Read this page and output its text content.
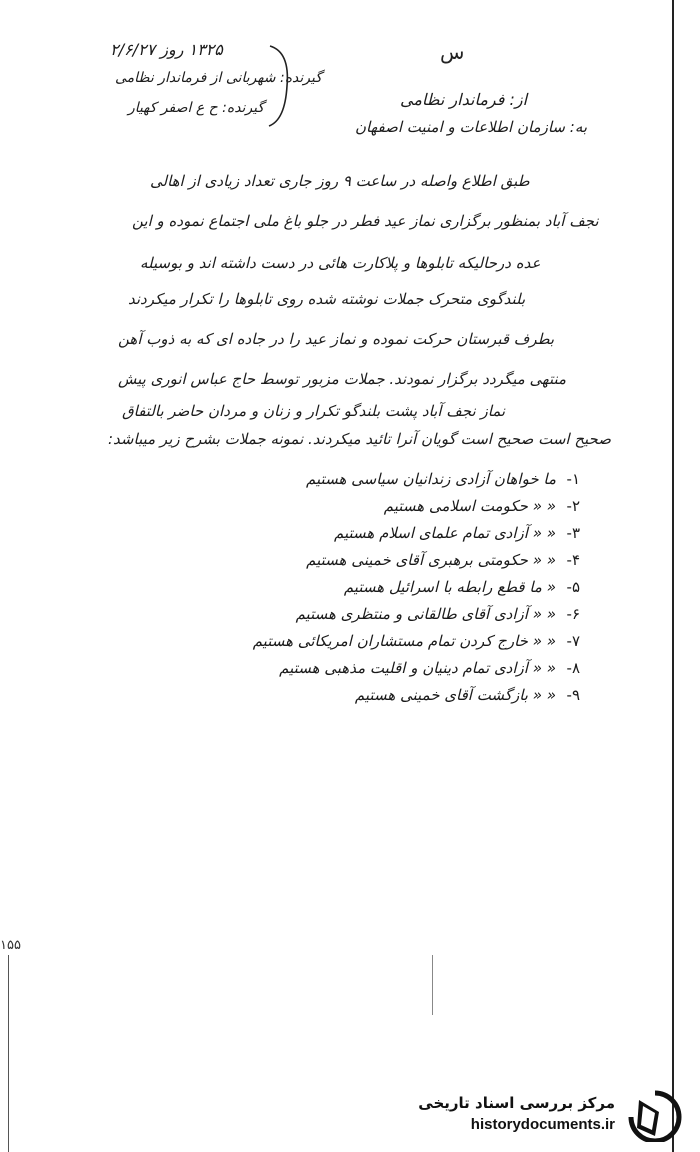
۱۳۲۵ روز ۲/۶/۲۷
گیرنده: شهربانی از فرماندار نظامی
گیرنده: ح ع اصفر کهیار
س
از: فرماندار نظامی
به: سازمان اطلاعات و امنیت اصفهان
طبق اطلاع واصله در ساعت ۹ روز جاری تعداد زیادی از اهالی
نجف آباد بمنظور برگزاری نماز عید فطر در جلو باغ ملی اجتماع نموده و این
عده درحالیکه تابلوها و پلاکارت هائی در دست داشته اند و بوسیله
بلندگوی متحرک جملات نوشته شده روی تابلوها را تکرار میکردند
بطرف قبرستان حرکت نموده و نماز عید را در جاده ای که به ذوب آهن
منتهی میگردد برگزار نمودند. جملات مزبور توسط حاج عباس انوری پیش
نماز نجف آباد پشت بلندگو تکرار و زنان و مردان حاضر بالتفاق
صحیح است صحیح است گویان آنرا تائید میکردند. نمونه جملات بشرح زیر میباشد:
۱-ما خواهان آزادی زندانیان سیاسی هستیم
۲-« « حکومت اسلامی هستیم
۳-« « آزادی تمام علمای اسلام هستیم
۴-« « حکومتی برهبری آقای خمینی هستیم
۵-« ما قطع رابطه با اسرائیل هستیم
۶-« « آزادی آقای طالقانی و منتظری هستیم
۷-« « خارج کردن تمام مستشاران امریکائی هستیم
۸-« « آزادی تمام دینیان و اقلیت مذهبی هستیم
۹-« « بازگشت آقای خمینی هستیم
۱۵۵
مرکز بررسی اسناد تاریخی
historydocuments.ir
